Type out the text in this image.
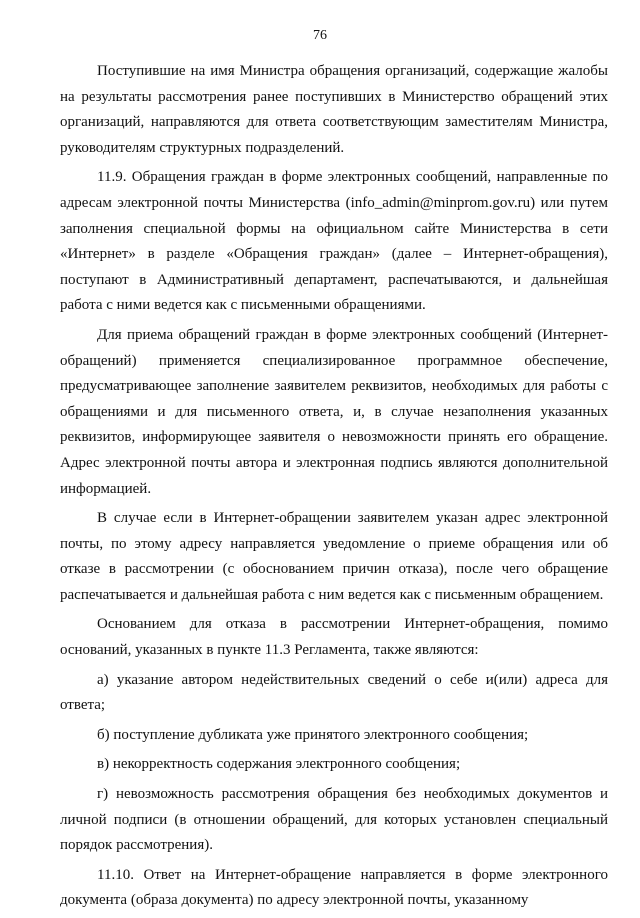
76

Поступившие на имя Министра обращения организаций, содержащие жалобы на результаты рассмотрения ранее поступивших в Министерство обращений этих организаций, направляются для ответа соответствующим заместителям Министра, руководителям структурных подразделений.

11.9. Обращения граждан в форме электронных сообщений, направленные по адресам электронной почты Министерства (info_admin@minprom.gov.ru) или путем заполнения специальной формы на официальном сайте Министерства в сети «Интернет» в разделе «Обращения граждан» (далее – Интернет-обращения), поступают в Административный департамент, распечатываются, и дальнейшая работа с ними ведется как с письменными обращениями.

Для приема обращений граждан в форме электронных сообщений (Интернет-обращений) применяется специализированное программное обеспечение, предусматривающее заполнение заявителем реквизитов, необходимых для работы с обращениями и для письменного ответа, и, в случае незаполнения указанных реквизитов, информирующее заявителя о невозможности принять его обращение. Адрес электронной почты автора и электронная подпись являются дополнительной информацией.

В случае если в Интернет-обращении заявителем указан адрес электронной почты, по этому адресу направляется уведомление о приеме обращения или об отказе в рассмотрении (с обоснованием причин отказа), после чего обращение распечатывается и дальнейшая работа с ним ведется как с письменным обращением.

Основанием для отказа в рассмотрении Интернет-обращения, помимо оснований, указанных в пункте 11.3 Регламента, также являются:

а) указание автором недействительных сведений о себе и(или) адреса для ответа;

б) поступление дубликата уже принятого электронного сообщения;

в) некорректность содержания электронного сообщения;

г) невозможность рассмотрения обращения без необходимых документов и личной подписи (в отношении обращений, для которых установлен специальный порядок рассмотрения).

11.10. Ответ на Интернет-обращение направляется в форме электронного документа (образа документа) по адресу электронной почты, указанному
